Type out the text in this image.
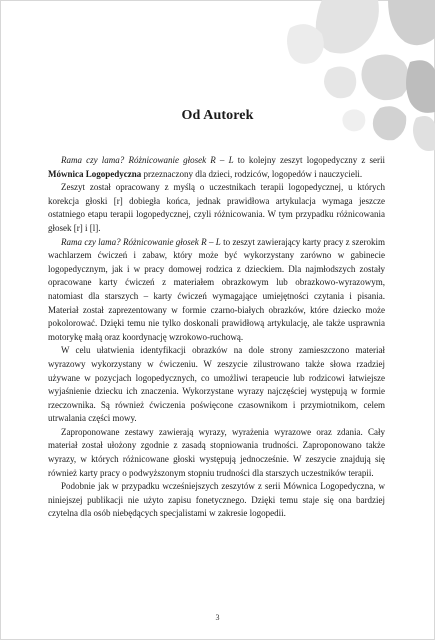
Od Autorek

Rama czy lama? Różnicowanie głosek R – L to kolejny zeszyt logopedyczny z serii Mównica Logopedyczna przeznaczony dla dzieci, rodziców, logopedów i nauczycieli.

Zeszyt został opracowany z myślą o uczestnikach terapii logopedycznej, u których korekcja głoski [r] dobiegła końca, jednak prawidłowa artykulacja wymaga jeszcze ostatniego etapu terapii logopedycznej, czyli różnicowania. W tym przypadku różnicowania głosek [r] i [l].

Rama czy lama? Różnicowanie głosek R – L to zeszyt zawierający karty pracy z szerokim wachlarzem ćwiczeń i zabaw, który może być wykorzystany zarówno w gabinecie logopedycznym, jak i w pracy domowej rodzica z dzieckiem. Dla najmłodszych zostały opracowane karty ćwiczeń z materiałem obrazkowym lub obrazkowo-wyrazowym, natomiast dla starszych – karty ćwiczeń wymagające umiejętności czytania i pisania. Materiał został zaprezentowany w formie czarno-białych obrazków, które dziecko może pokolorować. Dzięki temu nie tylko doskonali prawidłową artykulację, ale także usprawnia motorykę małą oraz koordynację wzrokowo-ruchową.

W celu ułatwienia identyfikacji obrazków na dole strony zamieszczono materiał wyrazowy wykorzystany w ćwiczeniu. W zeszycie zilustrowano także słowa rzadziej używane w pozycjach logopedycznych, co umożliwi terapeucie lub rodzicowi łatwiejsze wyjaśnienie dziecku ich znaczenia. Wykorzystane wyrazy najczęściej występują w formie rzeczownika. Są również ćwiczenia poświęcone czasownikom i przymiotnikom, celem utrwalania części mowy.

Zaproponowane zestawy zawierają wyrazy, wyrażenia wyrazowe oraz zdania. Cały materiał został ułożony zgodnie z zasadą stopniowania trudności. Zaproponowano także wyrazy, w których różnicowane głoski występują jednocześnie. W zeszycie znajdują się również karty pracy o podwyższonym stopniu trudności dla starszych uczestników terapii.

Podobnie jak w przypadku wcześniejszych zeszytów z serii Mównica Logopedyczna, w niniejszej publikacji nie użyto zapisu fonetycznego. Dzięki temu staje się ona bardziej czytelna dla osób niebędących specjalistami w zakresie logopedii.

3
